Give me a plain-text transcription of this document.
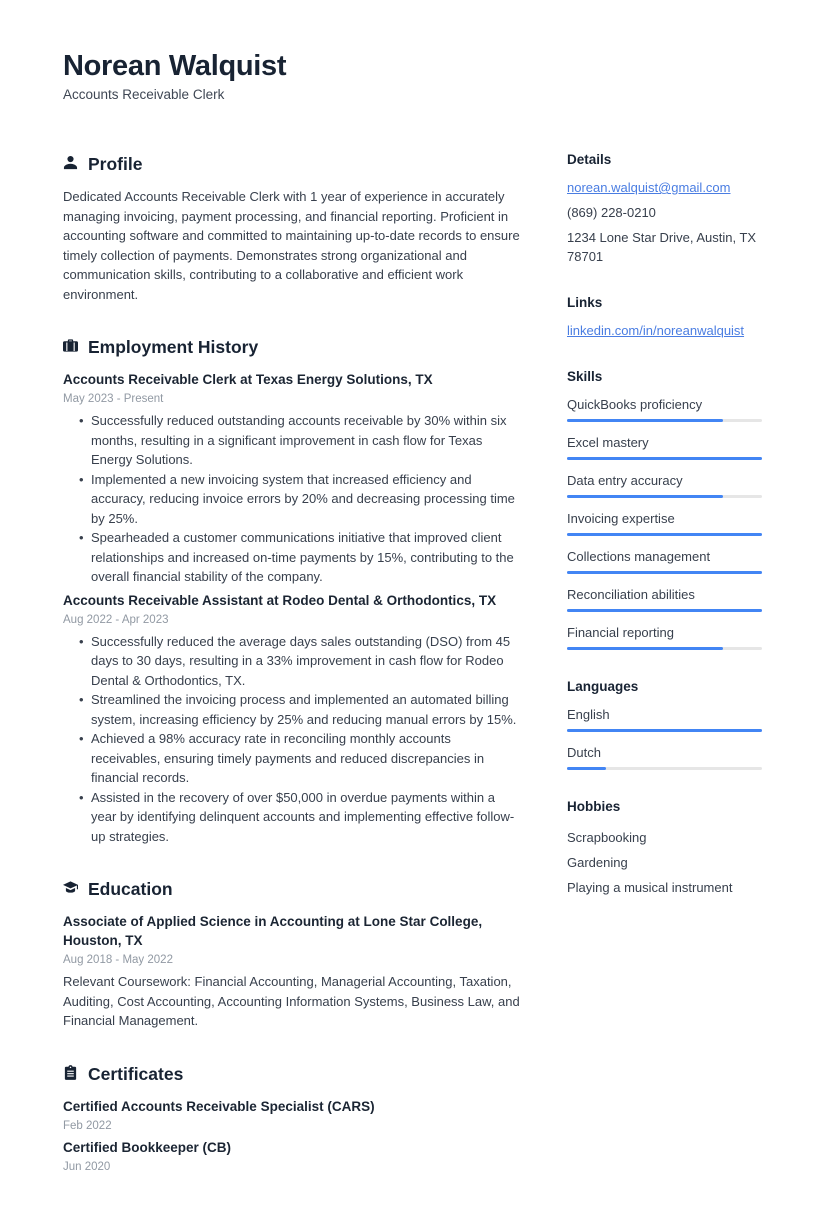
Norean Walquist
Accounts Receivable Clerk
Profile

Dedicated Accounts Receivable Clerk with 1 year of experience in accurately managing invoicing, payment processing, and financial reporting. Proficient in accounting software and committed to maintaining up-to-date records to ensure timely collection of payments. Demonstrates strong organizational and communication skills, contributing to a collaborative and efficient work environment.

Employment History
Accounts Receivable Clerk at Texas Energy Solutions, TX
May 2023 - Present
• Successfully reduced outstanding accounts receivable by 30% within six months, resulting in a significant improvement in cash flow for Texas Energy Solutions.
• Implemented a new invoicing system that increased efficiency and accuracy, reducing invoice errors by 20% and decreasing processing time by 25%.
• Spearheaded a customer communications initiative that improved client relationships and increased on-time payments by 15%, contributing to the overall financial stability of the company.
Accounts Receivable Assistant at Rodeo Dental & Orthodontics, TX
Aug 2022 - Apr 2023
• Successfully reduced the average days sales outstanding (DSO) from 45 days to 30 days, resulting in a 33% improvement in cash flow for Rodeo Dental & Orthodontics, TX.
• Streamlined the invoicing process and implemented an automated billing system, increasing efficiency by 25% and reducing manual errors by 15%.
• Achieved a 98% accuracy rate in reconciling monthly accounts receivables, ensuring timely payments and reduced discrepancies in financial records.
• Assisted in the recovery of over $50,000 in overdue payments within a year by identifying delinquent accounts and implementing effective follow-up strategies.
Education
Associate of Applied Science in Accounting at Lone Star College, Houston, TX
Aug 2018 - May 2022

Relevant Coursework: Financial Accounting, Managerial Accounting, Taxation, Auditing, Cost Accounting, Accounting Information Systems, Business Law, and Financial Management.

Certificates
Certified Accounts Receivable Specialist (CARS)
Feb 2022
Certified Bookkeeper (CB)
Jun 2020
Details
norean.walquist@gmail.com
(869) 228-0210
1234 Lone Star Drive, Austin, TX
78701
Links
linkedin.com/in/noreanwalquist
Skills
QuickBooks proficiency
Excel mastery
Data entry accuracy
Invoicing expertise
Collections management
Reconciliation abilities
Financial reporting
Languages
English
Dutch
Hobbies
Scrapbooking
Gardening
Playing a musical instrument
